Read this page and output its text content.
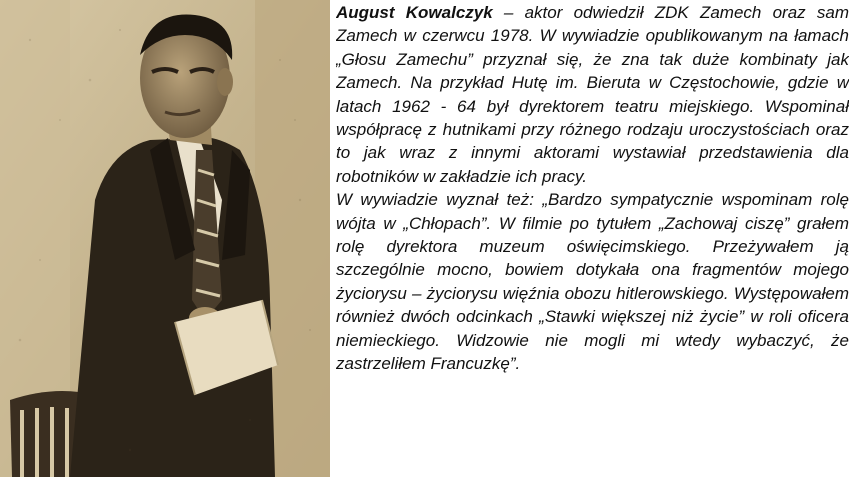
August Kowalczyk – aktor odwiedził ZDK Zamech oraz sam Zamech w czerwcu 1978. W wywiadzie opublikowanym na łamach „Głosu Zamechu” przyznał się, że zna tak duże kombinaty jak Zamech. Na przykład Hutę im. Bieruta w Częstochowie, gdzie w latach 1962 - 64 był dyrektorem teatru miejskiego. Wspominał współpracę z hutnikami przy różnego rodzaju uroczystościach oraz to jak wraz z innymi aktorami wystawiał przedstawienia dla robotników w zakładzie ich pracy.

W wywiadzie wyznał też: „Bardzo sympatycznie wspominam rolę wójta w „Chłopach”. W filmie po tytułem „Zachowaj ciszę” grałem rolę dyrektora muzeum oświęcimskiego. Przeżywałem ją szczególnie mocno, bowiem dotykała ona fragmentów mojego życiorysu – życiorysu więźnia obozu hitlerowskiego. Występowałem również dwóch odcinkach „Stawki większej niż życie” w roli oficera niemieckiego. Widzowie nie mogli mi wtedy wybaczyć, że zastrzeliłem Francuzkę”.
